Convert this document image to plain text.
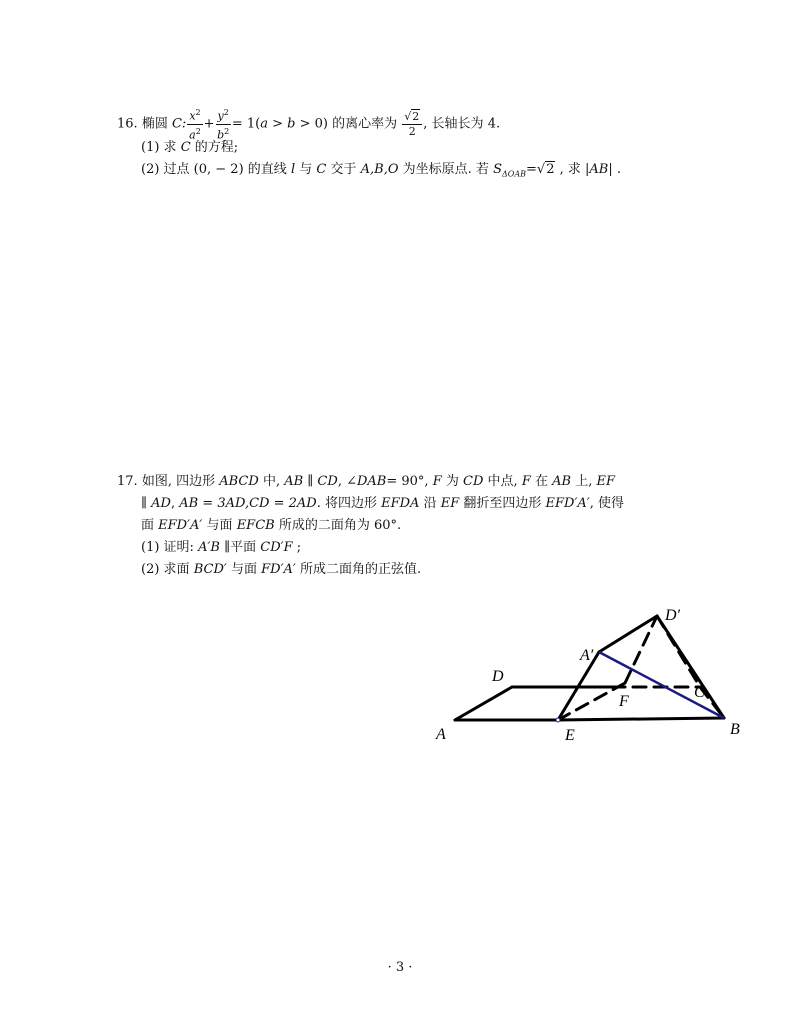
16. 椭圆 C: $\frac{x^2}{a^2} + \frac{y^2}{b^2} = 1(a > b > 0)$ 的离心率为 $\frac{√2}{2}$ , 长轴长为 4.
(1) 求 C 的方程;
(2) 过点 (0, − 2) 的直线 l 与 C 交于 A,B,O 为坐标原点. 若 $S_{\Delta OAB}=√2$ , 求 |AB| .
17. 如图, 四边形 ABCD 中, AB ∥ CD, ∠DAB= 90°, F 为 CD 中点, F 在 AB 上, EF
∥ AD, AB = 3AD,CD = 2AD. 将四边形 EFDA 沿 EF 翻折至四边形 EFD′A′, 使得
面 EFD′A′ 与面 EFCB 所成的二面角为 60°.
(1) 证明: A′B ∥平面 CD′F ;
(2) 求面 BCD′ 与面 FD′A′ 所成二面角的正弦值.
D
D′
A′
C
F
A	E	B
· 3 ·
